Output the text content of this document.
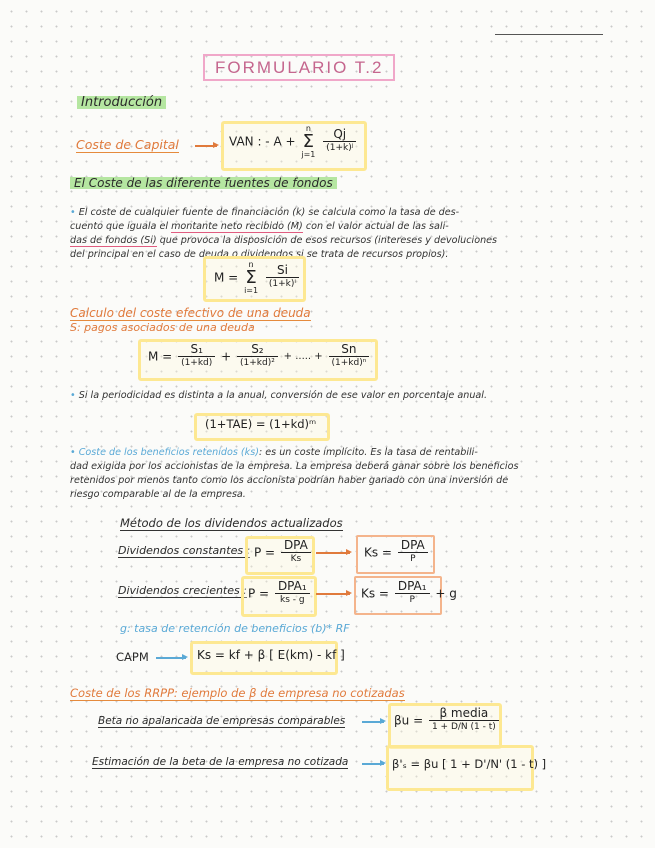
FORMULARIO T.2
Introducción
Coste de Capital	VAN : - A + n
Σ
$j=1 \frac{Qj}{\text{(1+k)ʲ}}$
El Coste de las diferente fuentes de fondos
• El coste de cualquier fuente de financiación (k) se calcula como la tasa de des-
cuento que iguala el montante neto recibido (M) con el valor actual de las sali-
das de fondos (Si) que provoca la disposición de esos recursos (intereses y devoluciones
del principal en el caso de deuda o dividendos si se trata de recursos propios).
M = n
Σ
$i=1 \frac{Si}{\text{(1+k)ⁱ}}$
Calculo del coste efectivo de una deuda
S: pagos asociados de una deuda
$M = \frac{\text{S₁}}{(1+kd)} + \frac{\text{S₂}}{\text{(1+kd)²}}$ + ..... + $\frac{Sn}{\text{(1+kd)ⁿ}}$
• Si la periodicidad es distinta a la anual, conversión de ese valor en porcentaje anual.
(1+TAE) = (1+kd)ᵐ
• Coste de los beneficios retenidos (ks): es un coste implícito. Es la tasa de rentabili-
dad exigida por los accionistas de la empresa. La empresa deberá ganar sobre los beneficios
retenidos por menos tanto como los accionista podrían haber ganado con una inversión de
riesgo comparable al de la empresa.
Método de los dividendos actualizados
Dividendos constantes : $P = \frac{\text{DPA}}{Ks}$	$Ks = \frac{\text{DPA}}{P}$
Dividendos crecientes : $P = \frac{\text{DPA₁}}{ks - g}$	$Ks = \frac{\text{DPA₁}}{P} + g$
g: tasa de retención de beneficios (b)* RF
CAPM	Ks = kf + β [ E(km) - kf ]
Coste de los RRPP: ejemplo de β de empresa no cotizadas
Beta no apalancada de empresas comparables	$\beta u = \frac{\text{β media}}{1 + D/N (1 - t)}$
Estimación de la beta de la empresa no cotizada	β'ₛ = βu [ 1 + D'/N' (1 - t) ]
